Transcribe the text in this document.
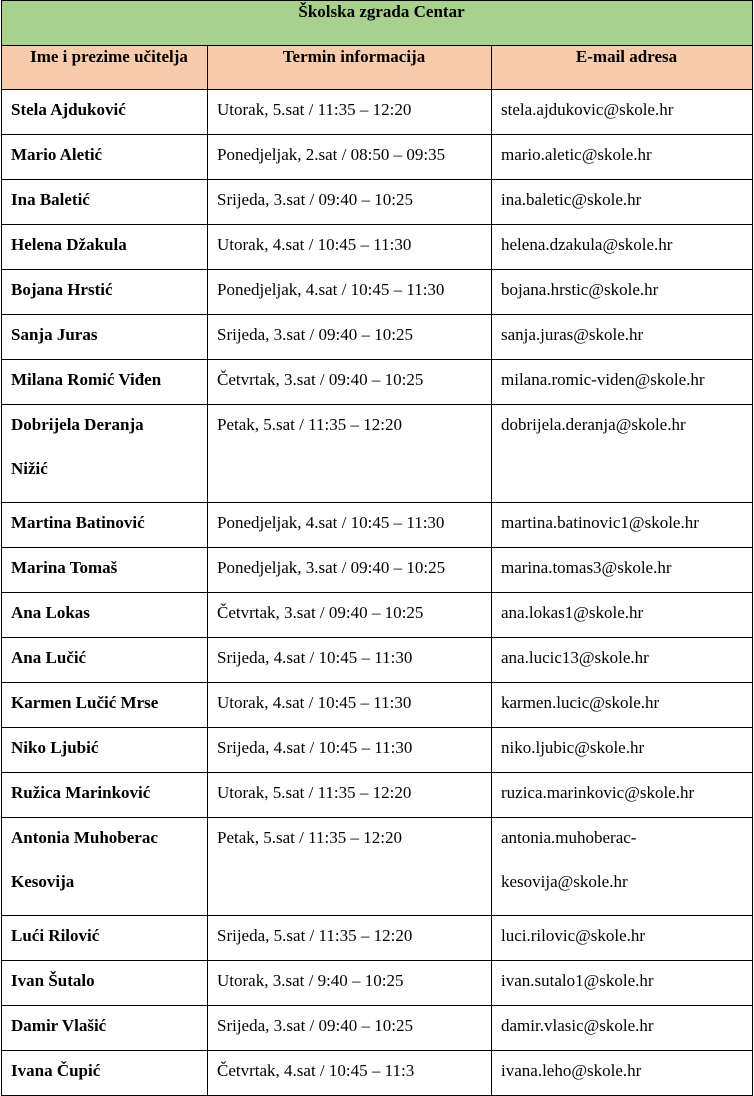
Školska zgrada Centar		
Ime i prezime učitelja	Termin informacija	E-mail adresa

Stela Ajduković	Utorak, 5.sat / 11:35 – 12:20	stela.ajdukovic@skole.hr

Mario Aletić	Ponedjeljak, 2.sat / 08:50 – 09:35	mario.aletic@skole.hr

Ina Baletić	Srijeda, 3.sat / 09:40 – 10:25	ina.baletic@skole.hr

Helena Džakula	Utorak, 4.sat / 10:45 – 11:30	helena.dzakula@skole.hr

Bojana Hrstić	Ponedjeljak, 4.sat / 10:45 – 11:30	bojana.hrstic@skole.hr

Sanja Juras	Srijeda, 3.sat / 09:40 – 10:25	sanja.juras@skole.hr

Milana Romić Viđen	Četvrtak, 3.sat / 09:40 – 10:25	milana.romic-viden@skole.hr

Dobrijela Deranja
Nižić	Petak, 5.sat / 11:35 – 12:20	dobrijela.deranja@skole.hr

Martina Batinović	Ponedjeljak, 4.sat / 10:45 – 11:30	martina.batinovic1@skole.hr

Marina Tomaš	Ponedjeljak, 3.sat / 09:40 – 10:25	marina.tomas3@skole.hr

Ana Lokas	Četvrtak, 3.sat / 09:40 – 10:25	ana.lokas1@skole.hr

Ana Lučić	Srijeda, 4.sat / 10:45 – 11:30	ana.lucic13@skole.hr

Karmen Lučić Mrse	Utorak, 4.sat / 10:45 – 11:30	karmen.lucic@skole.hr

Niko Ljubić	Srijeda, 4.sat / 10:45 – 11:30	niko.ljubic@skole.hr

Ružica Marinković	Utorak, 5.sat / 11:35 – 12:20	ruzica.marinkovic@skole.hr

Antonia Muhoberac
Kesovija	Petak, 5.sat / 11:35 – 12:20	antonia.muhoberac-
kesovija@skole.hr

Lući Rilović	Srijeda, 5.sat / 11:35 – 12:20	luci.rilovic@skole.hr

Ivan Šutalo	Utorak, 3.sat / 9:40 – 10:25	ivan.sutalo1@skole.hr

Damir Vlašić	Srijeda, 3.sat / 09:40 – 10:25	damir.vlasic@skole.hr

Ivana Čupić	Četvrtak, 4.sat / 10:45 – 11:3	ivana.leho@skole.hr
